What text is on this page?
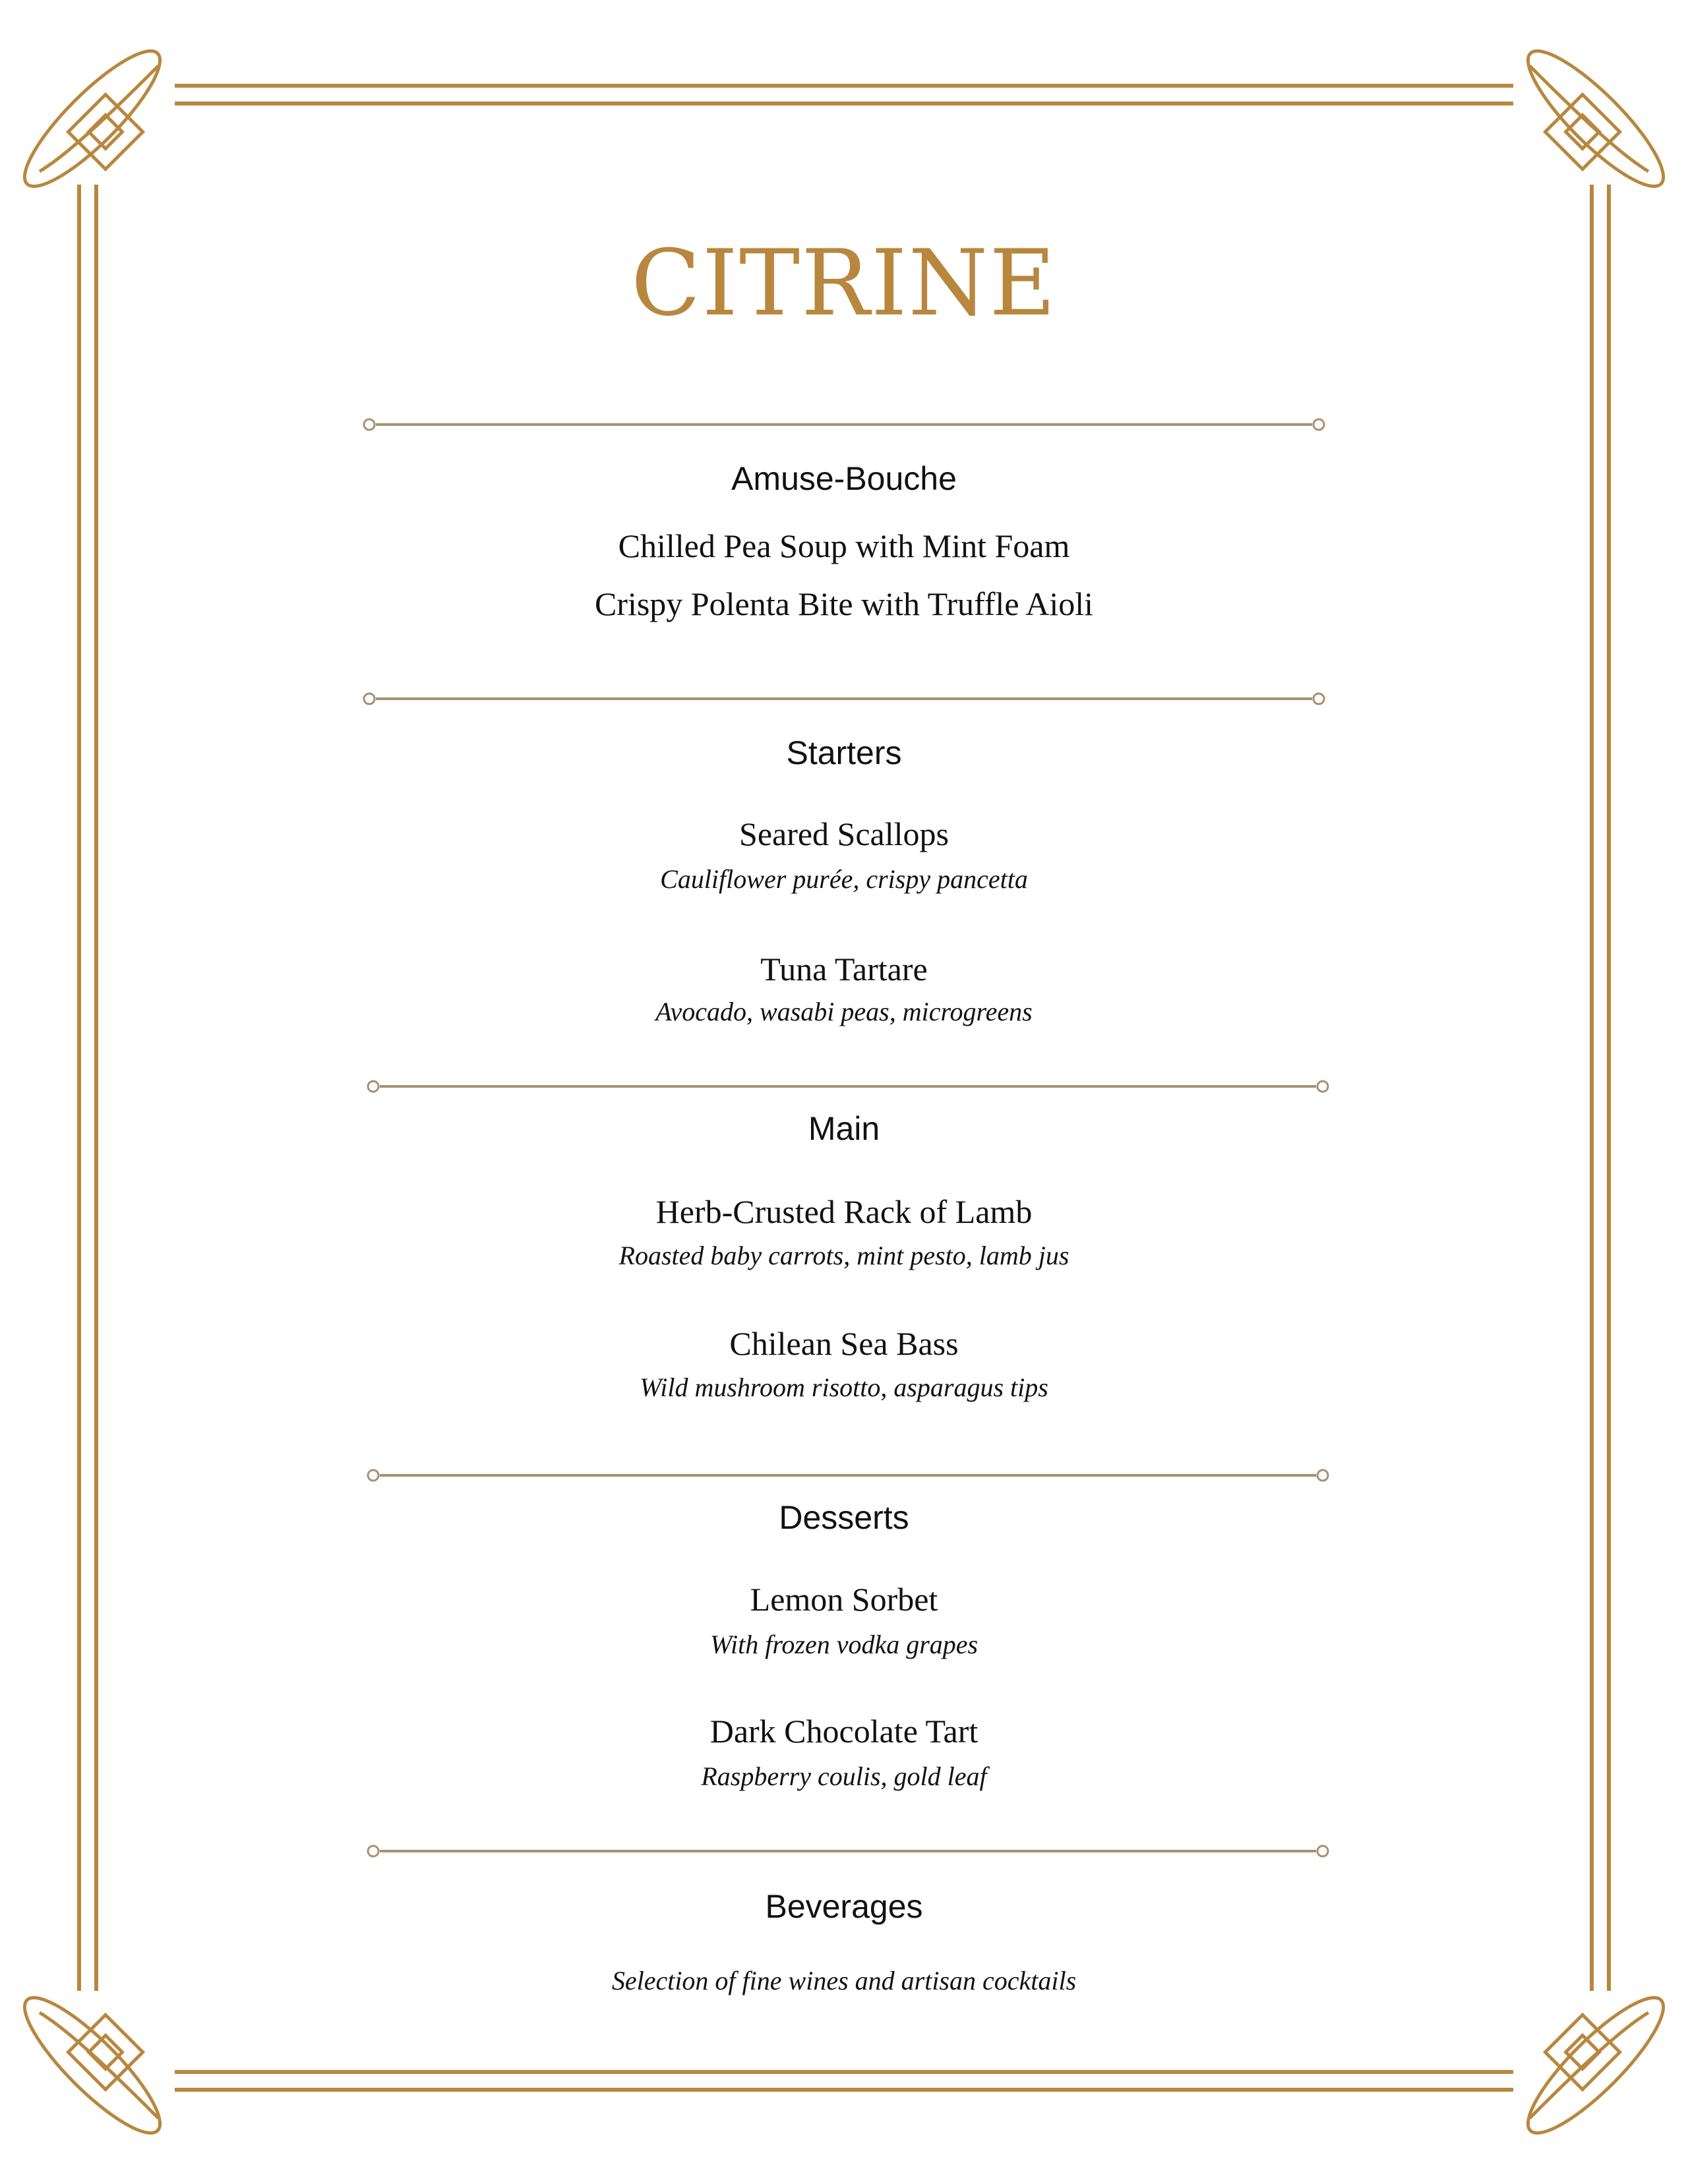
CITRINE
Amuse-Bouche
Chilled Pea Soup with Mint Foam
Crispy Polenta Bite with Truffle Aioli
Starters
Seared Scallops
Cauliflower purée, crispy pancetta
Tuna Tartare
Avocado, wasabi peas, microgreens
Main
Herb-Crusted Rack of Lamb
Roasted baby carrots, mint pesto, lamb jus
Chilean Sea Bass
Wild mushroom risotto, asparagus tips
Desserts
Lemon Sorbet
With frozen vodka grapes
Dark Chocolate Tart
Raspberry coulis, gold leaf
Beverages
Selection of fine wines and artisan cocktails
